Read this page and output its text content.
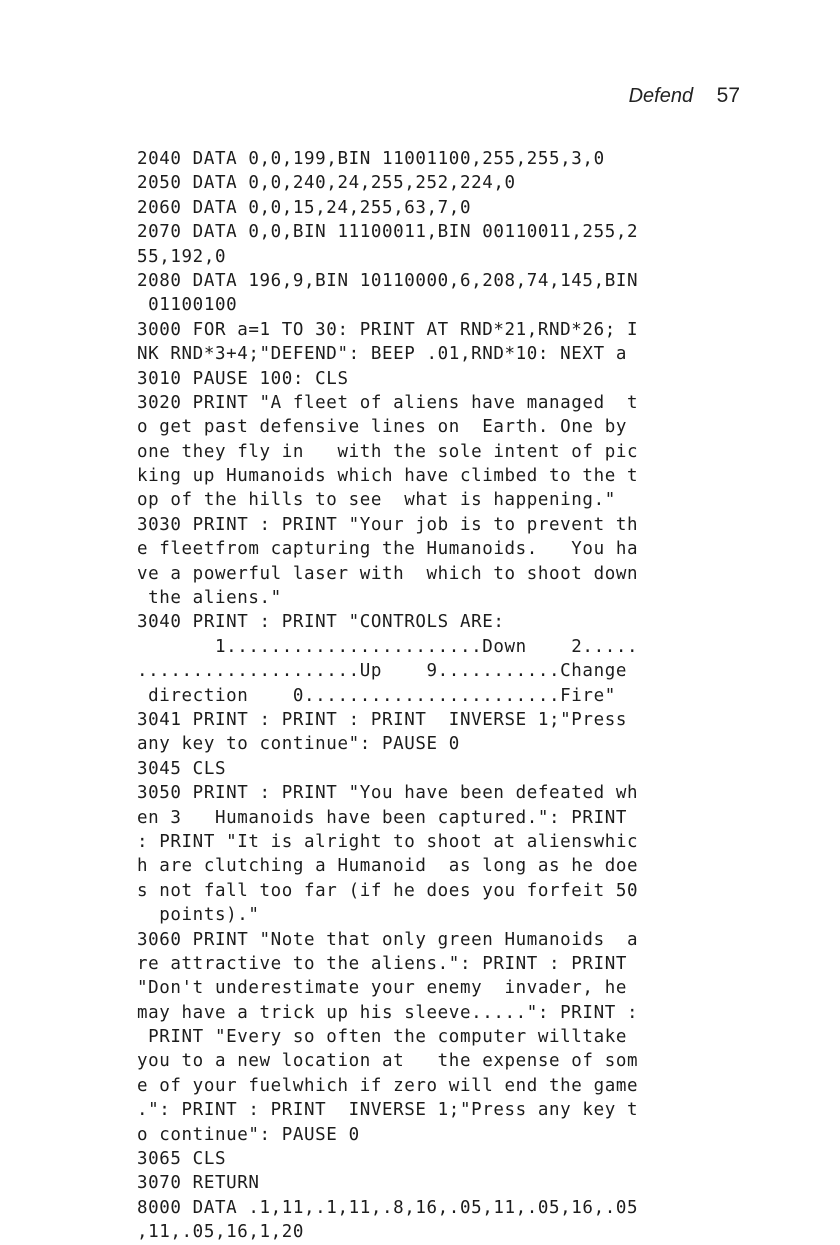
Defend 57
2040 DATA 0,0,199,BIN 11001100,255,255,3,0
2050 DATA 0,0,240,24,255,252,224,0
2060 DATA 0,0,15,24,255,63,7,0
2070 DATA 0,0,BIN 11100011,BIN 00110011,255,2
55,192,0
2080 DATA 196,9,BIN 10110000,6,208,74,145,BIN
01100100
3000 FOR a=1 TO 30: PRINT AT RND*21,RND*26; I
NK RND*3+4;"DEFEND": BEEP .01,RND*10: NEXT a
3010 PAUSE 100: CLS
3020 PRINT "A fleet of aliens have managed  t
o get past defensive lines on  Earth. One by
one they fly in   with the sole intent of pic
king up Humanoids which have climbed to the t
op of the hills to see  what is happening."
3030 PRINT : PRINT "Your job is to prevent th
e fleetfrom capturing the Humanoids.   You ha
ve a powerful laser with  which to shoot down
the aliens."
3040 PRINT : PRINT "CONTROLS ARE:
1.......................Down    2.....
....................Up    9...........Change
direction    0.......................Fire"
3041 PRINT : PRINT : PRINT  INVERSE 1;"Press
any key to continue": PAUSE 0
3045 CLS
3050 PRINT : PRINT "You have been defeated wh
en 3   Humanoids have been captured.": PRINT
: PRINT "It is alright to shoot at alienswhic
h are clutching a Humanoid  as long as he doe
s not fall too far (if he does you forfeit 50
points)."
3060 PRINT "Note that only green Humanoids  a
re attractive to the aliens.": PRINT : PRINT
"Don't underestimate your enemy  invader, he
may have a trick up his sleeve.....": PRINT :
PRINT "Every so often the computer willtake
you to a new location at   the expense of som
e of your fuelwhich if zero will end the game
.": PRINT : PRINT  INVERSE 1;"Press any key t
o continue": PAUSE 0
3065 CLS
3070 RETURN
8000 DATA .1,11,.1,11,.8,16,.05,11,.05,16,.05
,11,.05,16,1,20
